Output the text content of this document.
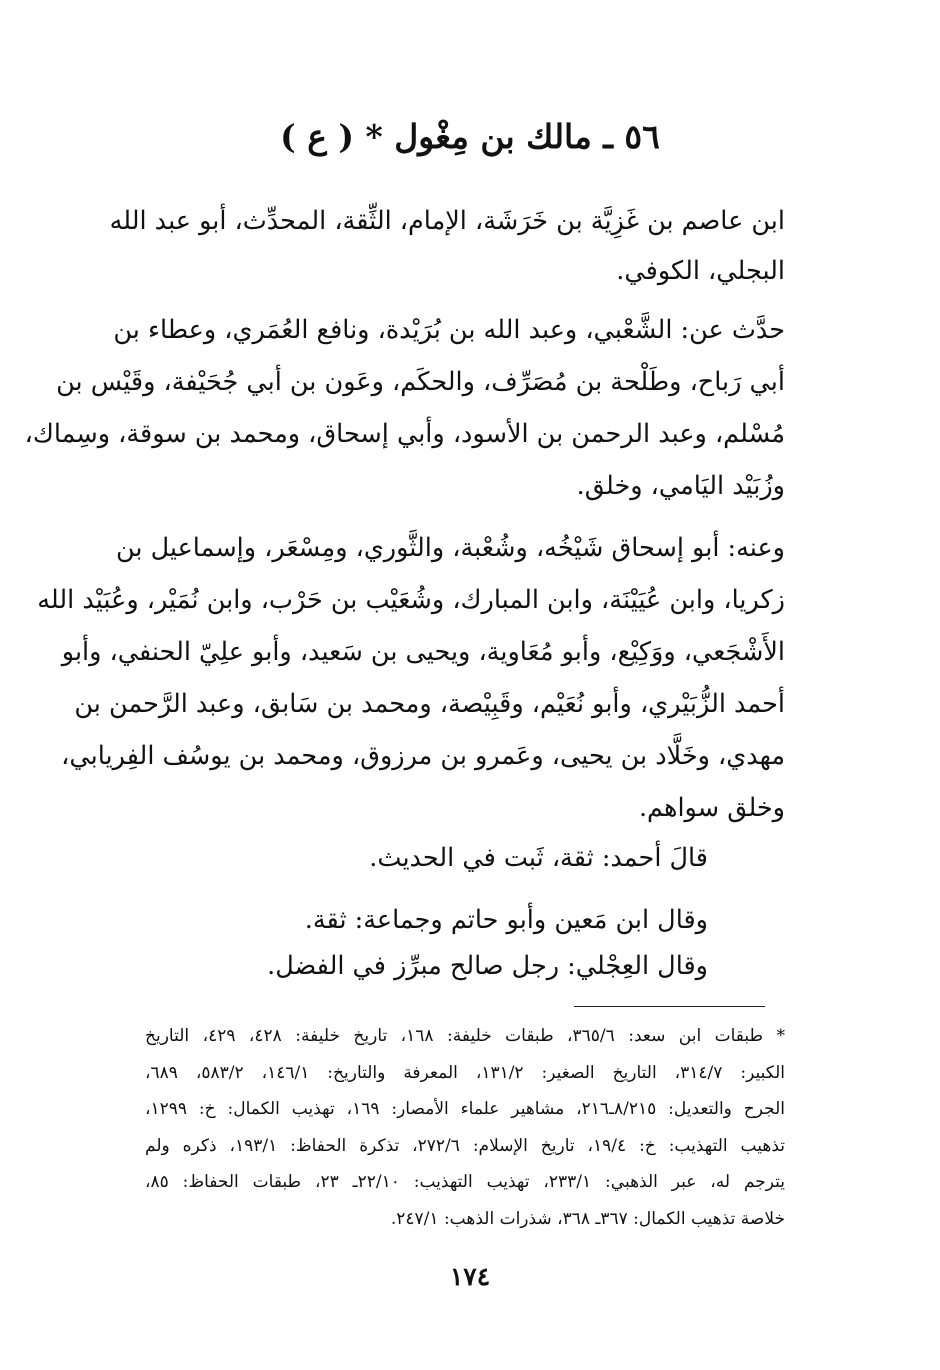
٥٦ ـ مالك بن مِغْول * ( ع )

ابن عاصم بن غَزِيَّة بن خَرَشَة، الإمام، الثِّقة، المحدِّث، أبو عبد الله
البجلي، الكوفي.

حدَّث عن: الشَّعْبي، وعبد الله بن بُرَيْدة، ونافع العُمَري، وعطاء بن
أبي رَباح، وطَلْحة بن مُصَرِّف، والحكَم، وعَون بن أبي جُحَيْفة، وقَيْس بن
مُسْلم، وعبد الرحمن بن الأسود، وأبي إسحاق، ومحمد بن سوقة، وسِماك،
وزُبَيْد اليَامي، وخلق.

وعنه: أبو إسحاق شَيْخُه، وشُعْبة، والثَّوري، ومِسْعَر، وإسماعيل بن
زكريا، وابن عُيَيْنَة، وابن المبارك، وشُعَيْب بن حَرْب، وابن نُمَيْر، وعُبَيْد الله
الأَشْجَعي، ووَكِيْع، وأبو مُعَاوية، ويحيى بن سَعيد، وأبو علِيّ الحنفي، وأبو
أحمد الزُّبَيْري، وأبو نُعَيْم، وقَبِيْصة، ومحمد بن سَابق، وعبد الرَّحمن بن
مهدي، وخَلَّاد بن يحيى، وعَمرو بن مرزوق، ومحمد بن يوسُف الفِريابي،
وخلق سواهم.

قالَ أحمد: ثقة، ثَبت في الحديث.

وقال ابن مَعين وأبو حاتم وجماعة: ثقة.

وقال العِجْلي: رجل صالح مبرِّز في الفضل.

* طبقات ابن سعد: ٣٦٥/٦، طبقات خليفة: ١٦٨، تاريخ خليفة: ٤٢٨، ٤٢٩، التاريخ
الكبير: ٣١٤/٧، التاريخ الصغير: ١٣١/٢، المعرفة والتاريخ: ١٤٦/١، ٥٨٣/٢، ٦٨٩،
الجرح والتعديل: ٨/٢١٥ـ٢١٦، مشاهير علماء الأمصار: ١٦٩، تهذيب الكمال: خ: ١٢٩٩،
تذهيب التهذيب: خ: ١٩/٤، تاريخ الإسلام: ٢٧٢/٦، تذكرة الحفاظ: ١٩٣/١، ذكره ولم
يترجم له، عبر الذهبي: ٢٣٣/١، تهذيب التهذيب: ٢٢/١٠ـ ٢٣، طبقات الحفاظ: ٨٥،
خلاصة تذهيب الكمال: ٣٦٧ـ ٣٦٨، شذرات الذهب: ٢٤٧/١.

١٧٤
